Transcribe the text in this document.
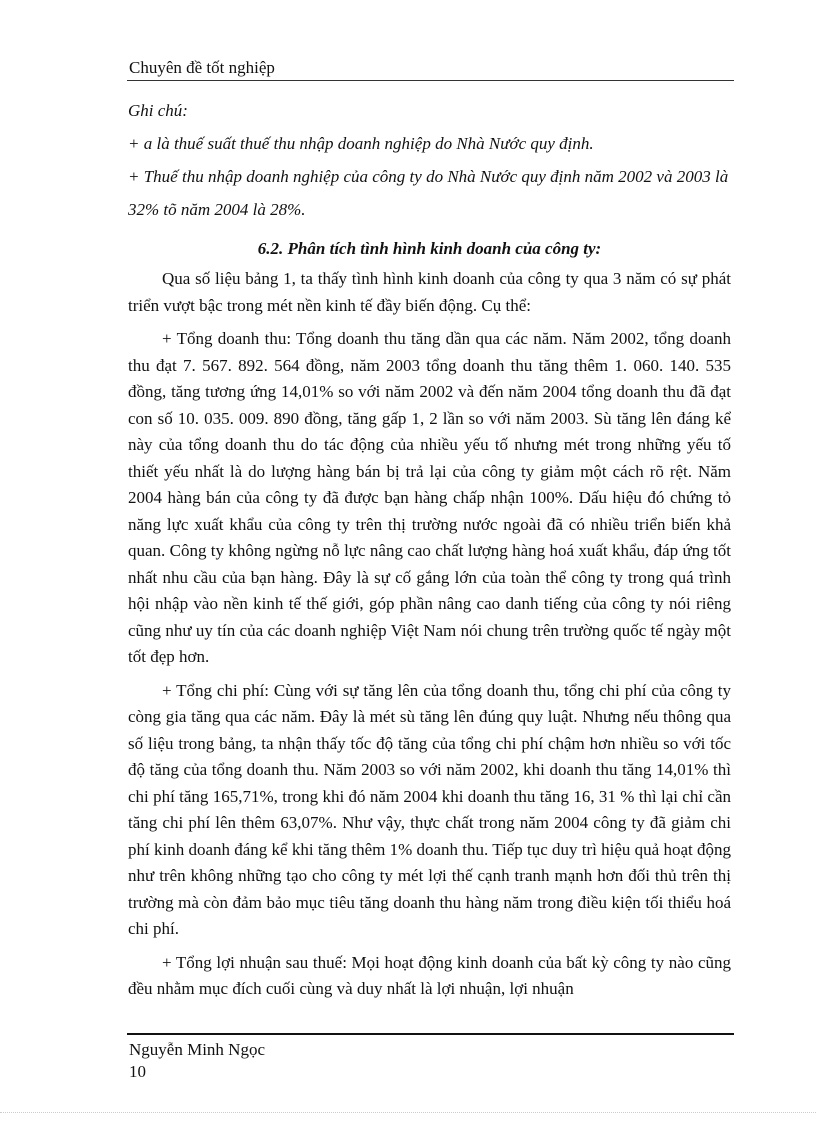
Chuyên đề tốt nghiệp

Ghi chú:

+ a là thuế suất thuế thu nhập doanh nghiệp do Nhà Nước quy định.

+ Thuế thu nhập doanh nghiệp của công ty do Nhà Nước quy định năm 2002 và 2003 là 32% tõ năm 2004 là 28%.

6.2. Phân tích tình hình kinh doanh của công ty:

Qua số liệu bảng 1, ta thấy tình hình kinh doanh của công ty qua 3 năm có sự phát triển vượt bậc trong mét nền kinh tế đầy biến động. Cụ thể:

+ Tổng doanh thu: Tổng doanh thu tăng dần qua các năm. Năm 2002, tổng doanh thu đạt 7. 567. 892. 564 đồng, năm 2003 tổng doanh thu tăng thêm 1. 060. 140. 535 đồng, tăng tương ứng 14,01% so với năm 2002 và đến năm 2004 tổng doanh thu đã đạt con số 10. 035. 009. 890 đồng, tăng gấp 1, 2 lần so với năm 2003. Sù tăng lên đáng kể này của tổng doanh thu do tác động của nhiều yếu tố nhưng mét trong những yếu tố thiết yếu nhất là do lượng hàng bán bị trả lại của công ty giảm một cách rõ rệt. Năm 2004 hàng bán của công ty đã được bạn hàng chấp nhận 100%. Dấu hiệu đó chứng tỏ năng lực xuất khẩu của công ty trên thị trường nước ngoài đã có nhiều triển biến khả quan. Công ty không ngừng nỗ lực nâng cao chất lượng hàng hoá xuất khẩu, đáp ứng tốt nhất nhu cầu của bạn hàng. Đây là sự cố gắng lớn của toàn thể công ty trong quá trình hội nhập vào nền kinh tế thế giới, góp phần nâng cao danh tiếng của công ty nói riêng cũng như uy tín của các doanh nghiệp Việt Nam nói chung trên trường quốc tế ngày một tốt đẹp hơn.

+ Tổng chi phí: Cùng với sự tăng lên của tổng doanh thu, tổng chi phí của công ty còng gia tăng qua các năm. Đây là mét sù tăng lên đúng quy luật. Nhưng nếu thông qua số liệu trong bảng, ta nhận thấy tốc độ tăng của tổng chi phí chậm hơn nhiều so với tốc độ tăng của tổng doanh thu. Năm 2003 so với năm 2002, khi doanh thu tăng 14,01% thì chi phí tăng 165,71%, trong khi đó năm 2004 khi doanh thu tăng 16, 31 % thì lại chỉ cần tăng chi phí lên thêm 63,07%. Như vậy, thực chất trong năm 2004 công ty đã giảm chi phí kinh doanh đáng kể khi tăng thêm 1% doanh thu. Tiếp tục duy trì hiệu quả hoạt động như trên không những tạo cho công ty mét lợi thế cạnh tranh mạnh hơn đối thủ trên thị trường mà còn đảm bảo mục tiêu tăng doanh thu hàng năm trong điều kiện tối thiểu hoá chi phí.

+ Tổng lợi nhuận sau thuế: Mọi hoạt động kinh doanh của bất kỳ công ty nào cũng đều nhằm mục đích cuối cùng và duy nhất là lợi nhuận, lợi nhuận

Nguyễn Minh Ngọc
10
